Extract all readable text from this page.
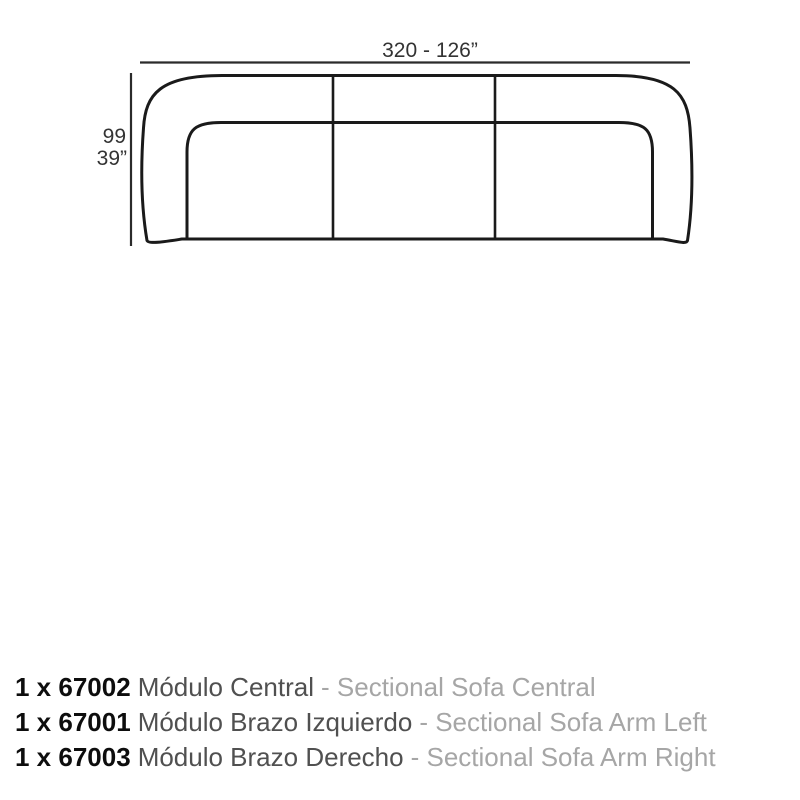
320 - 126”
99
39”
1 x 67002 Módulo Central - Sectional Sofa Central
1 x 67001 Módulo Brazo Izquierdo - Sectional Sofa Arm Left
1 x 67003 Módulo Brazo Derecho - Sectional Sofa Arm Right
